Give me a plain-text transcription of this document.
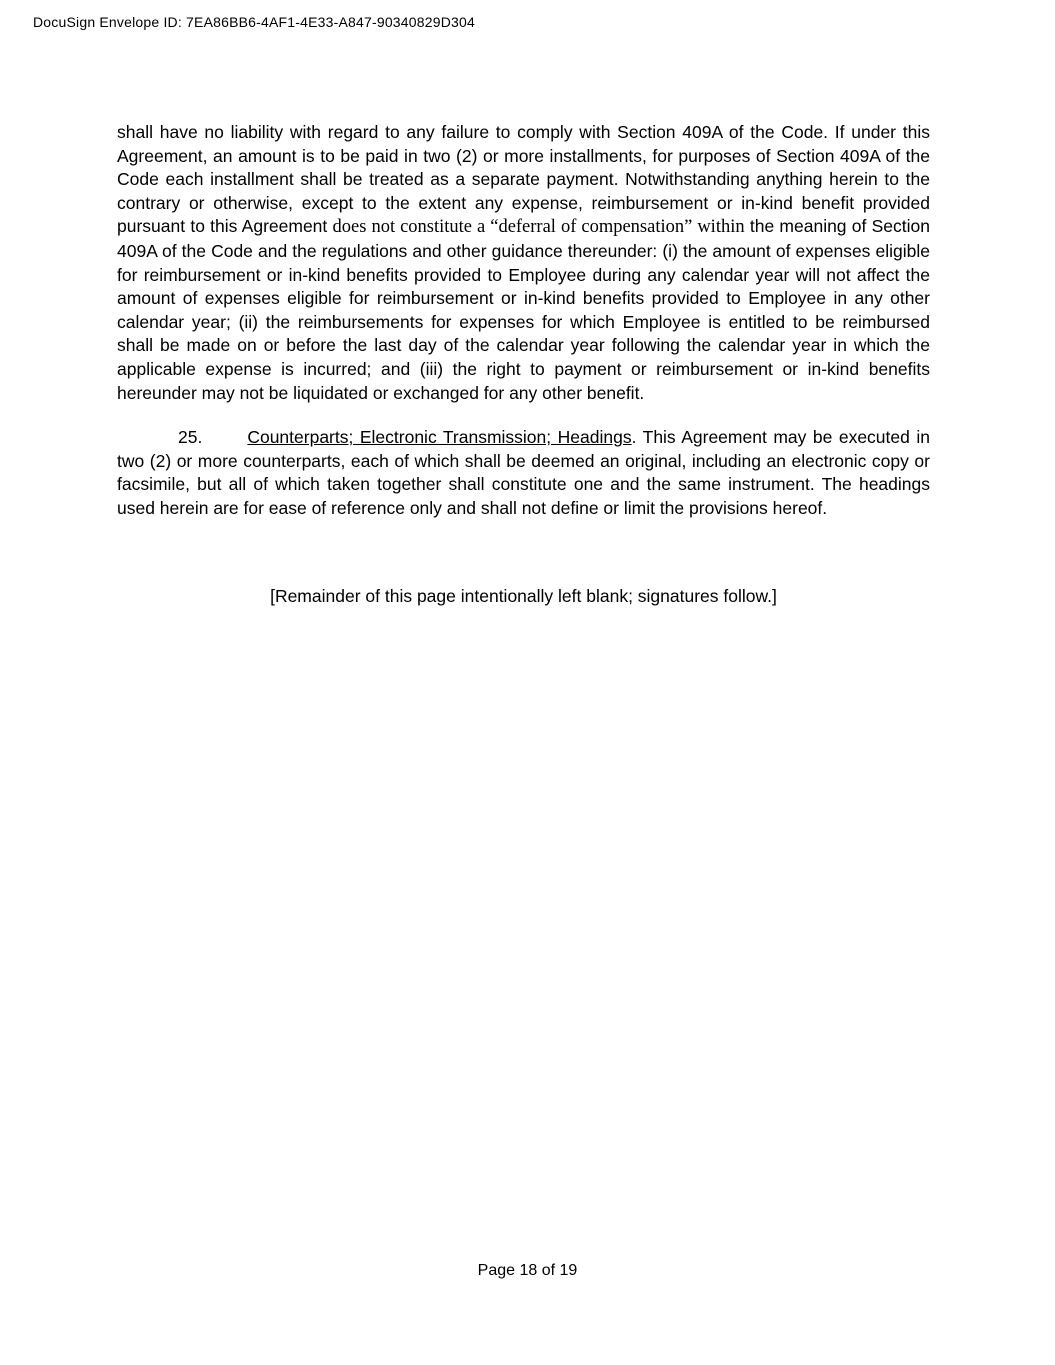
DocuSign Envelope ID: 7EA86BB6-4AF1-4E33-A847-90340829D304

shall have no liability with regard to any failure to comply with Section 409A of the Code. If under this Agreement, an amount is to be paid in two (2) or more installments, for purposes of Section 409A of the Code each installment shall be treated as a separate payment. Notwithstanding anything herein to the contrary or otherwise, except to the extent any expense, reimbursement or in-kind benefit provided pursuant to this Agreement does not constitute a “deferral of compensation” within the meaning of Section 409A of the Code and the regulations and other guidance thereunder: (i) the amount of expenses eligible for reimbursement or in-kind benefits provided to Employee during any calendar year will not affect the amount of expenses eligible for reimbursement or in-kind benefits provided to Employee in any other calendar year; (ii) the reimbursements for expenses for which Employee is entitled to be reimbursed shall be made on or before the last day of the calendar year following the calendar year in which the applicable expense is incurred; and (iii) the right to payment or reimbursement or in-kind benefits hereunder may not be liquidated or exchanged for any other benefit.

25.	Counterparts; Electronic Transmission; Headings. This Agreement may be executed in two (2) or more counterparts, each of which shall be deemed an original, including an electronic copy or facsimile, but all of which taken together shall constitute one and the same instrument. The headings used herein are for ease of reference only and shall not define or limit the provisions hereof.

[Remainder of this page intentionally left blank; signatures follow.]

Page 18 of 19
